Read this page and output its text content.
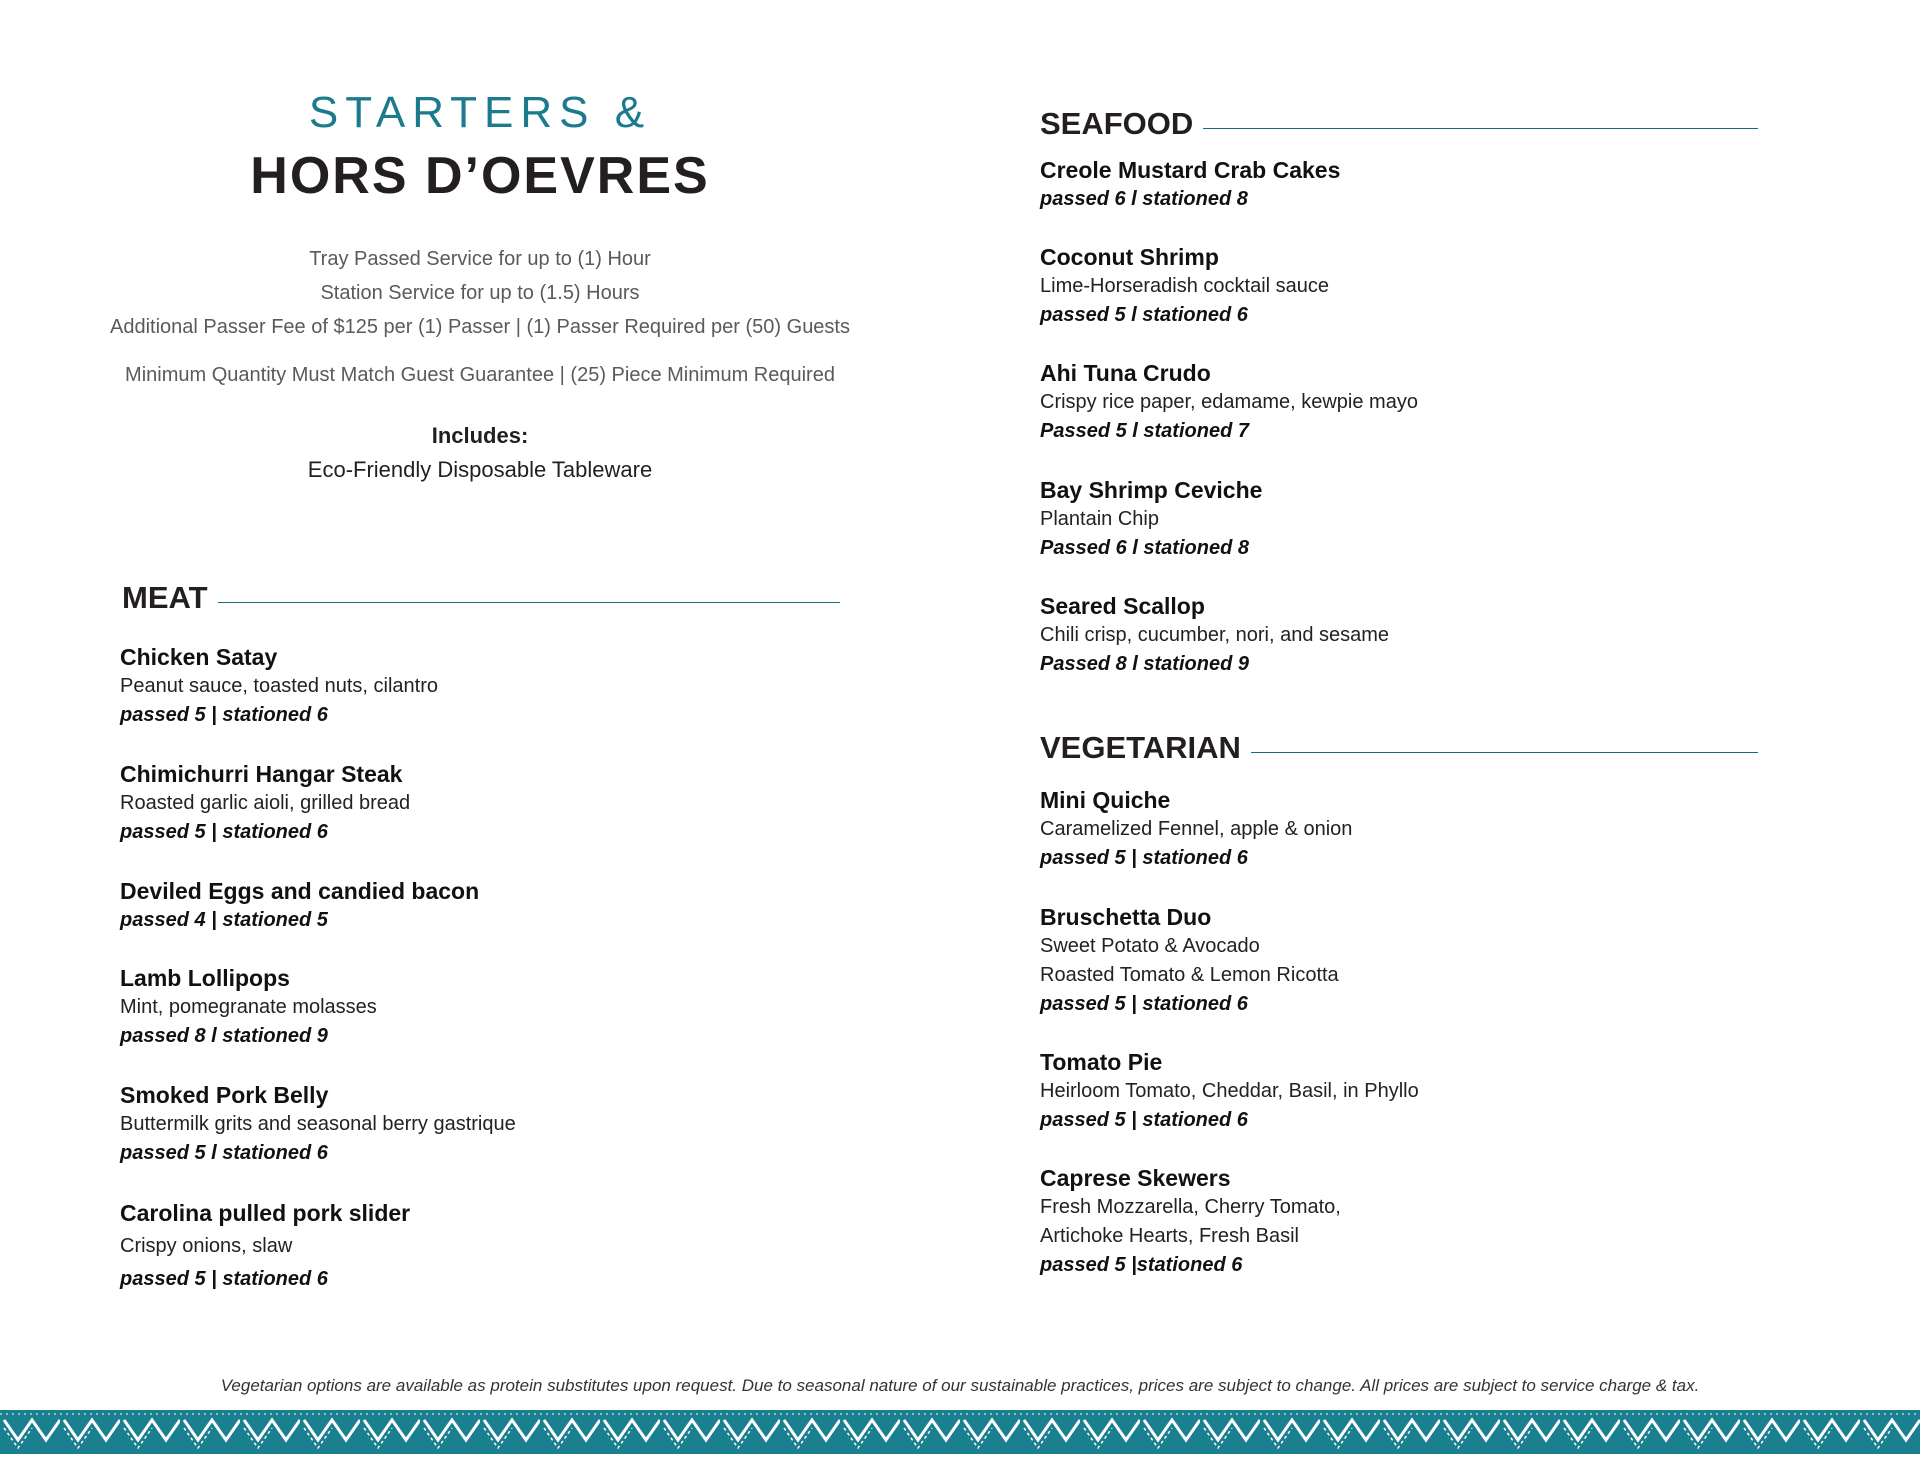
STARTERS &
HORS D’OEVRES
Tray Passed Service for up to (1) Hour
Station Service for up to (1.5) Hours
Additional Passer Fee of $125 per (1) Passer | (1) Passer Required per (50) Guests
Minimum Quantity Must Match Guest Guarantee | (25) Piece Minimum Required
Includes:
Eco-Friendly Disposable Tableware
MEAT
Chicken Satay
Peanut sauce, toasted nuts, cilantro
passed 5 | stationed 6
Chimichurri Hangar Steak
Roasted garlic aioli, grilled bread
passed 5 | stationed 6
Deviled Eggs and candied bacon
passed 4 | stationed 5
Lamb Lollipops
Mint, pomegranate molasses
passed 8 l stationed 9
Smoked Pork Belly
Buttermilk grits and seasonal berry gastrique
passed 5 l stationed 6
Carolina pulled pork slider
Crispy onions, slaw
passed 5 | stationed 6
SEAFOOD
Creole Mustard Crab Cakes
passed 6 l stationed 8
Coconut Shrimp
Lime-Horseradish cocktail sauce
passed 5 l stationed 6
Ahi Tuna Crudo
Crispy rice paper, edamame, kewpie mayo
Passed 5 l stationed 7
Bay Shrimp Ceviche
Plantain Chip
Passed 6 l stationed 8
Seared Scallop
Chili crisp, cucumber, nori, and sesame
Passed 8 l stationed 9
VEGETARIAN
Mini Quiche
Caramelized Fennel, apple & onion
passed 5 | stationed 6
Bruschetta Duo
Sweet Potato & Avocado
Roasted Tomato & Lemon Ricotta
passed 5 | stationed 6
Tomato Pie
Heirloom Tomato, Cheddar, Basil, in Phyllo
passed 5 | stationed 6
Caprese Skewers
Fresh Mozzarella, Cherry Tomato,
Artichoke Hearts, Fresh Basil
passed 5 |stationed 6
Vegetarian options are available as protein substitutes upon request. Due to seasonal nature of our sustainable practices, prices are subject to change. All prices are subject to service charge & tax.
